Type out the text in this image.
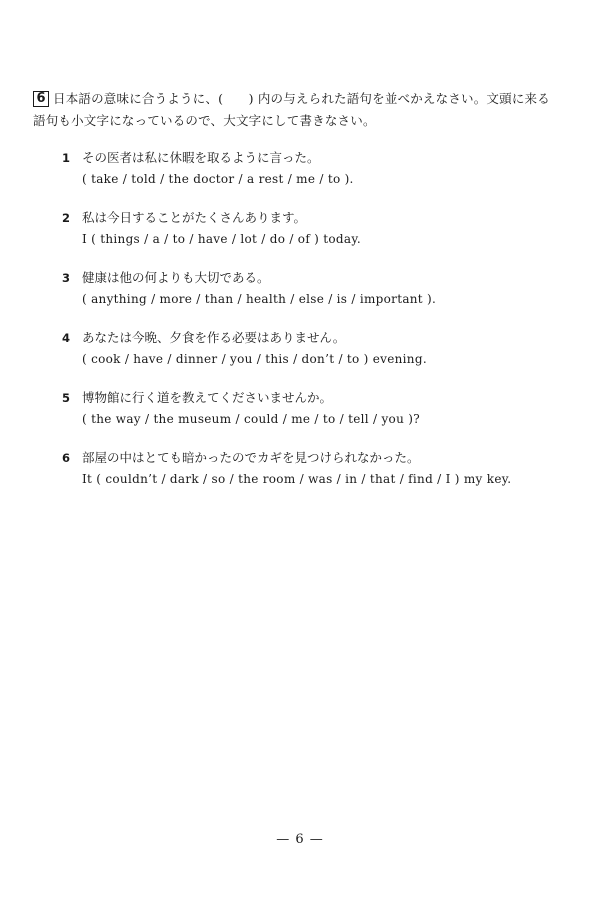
6 日本語の意味に合うように、(　　) 内の与えられた語句を並べかえなさい。文頭に来る
語句も小文字になっているので、大文字にして書きなさい。
1 その医者は私に休暇を取るように言った。
( take / told / the doctor / a rest / me / to ).
2 私は今日することがたくさんあります。
I ( things / a / to / have / lot / do / of ) today.
3 健康は他の何よりも大切である。
( anything / more / than / health / else / is / important ).
4 あなたは今晩、夕食を作る必要はありません。
( cook / have / dinner / you / this / don’t / to ) evening.
5 博物館に行く道を教えてくださいませんか。
( the way / the museum / could / me / to / tell / you )?
6 部屋の中はとても暗かったのでカギを見つけられなかった。
It ( couldn’t / dark / so / the room / was / in / that / find / I ) my key.
— 6 —
